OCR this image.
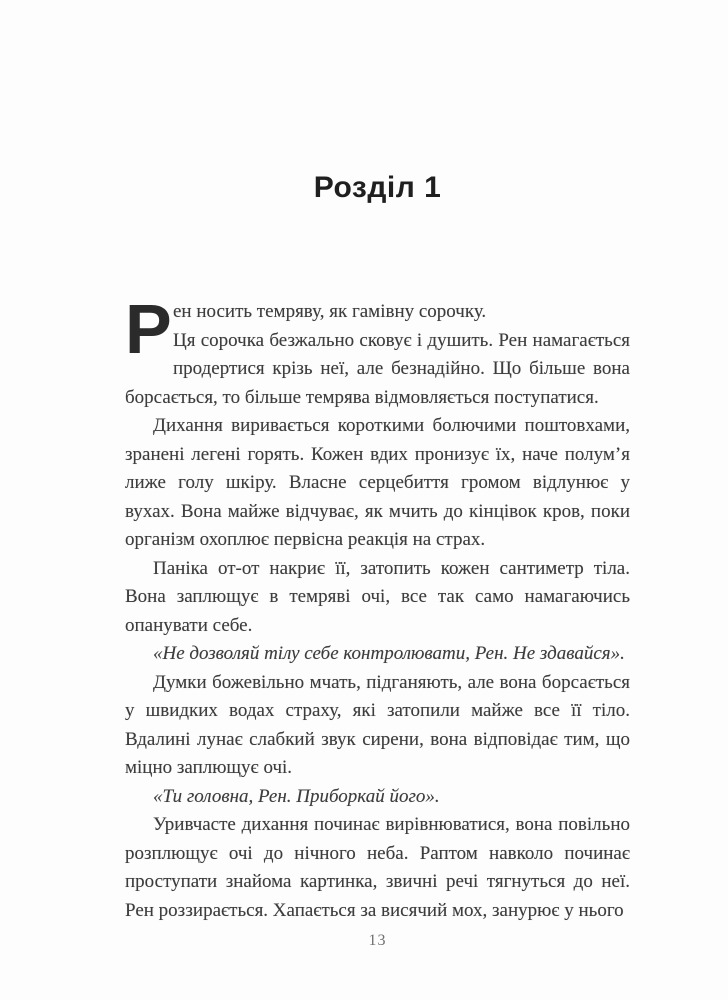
Розділ 1
Р ен носить темряву, як гамівну сорочку.

Ця сорочка безжально сковує і душить. Рен намагається продертися крізь неї, але безнадійно. Що більше вона борсається, то більше темрява відмовляється поступатися.

Дихання виривається короткими болючими поштовхами, зранені легені горять. Кожен вдих пронизує їх, наче полум’я лиже голу шкіру. Власне серцебиття громом відлунює у вухах. Вона майже відчуває, як мчить до кінцівок кров, поки організм охоплює первісна реакція на страх.

Паніка от-от накриє її, затопить кожен сантиметр тіла. Вона заплющує в темряві очі, все так само намагаючись опанувати себе.

«Не дозволяй тілу себе контролювати, Рен. Не здавайся».

Думки божевільно мчать, підганяють, але вона борсається у швидких водах страху, які затопили майже все її тіло. Вдалині лунає слабкий звук сирени, вона відповідає тим, що міцно заплющує очі.

«Ти головна, Рен. Приборкай його».

Уривчасте дихання починає вирівнюватися, вона повільно розплющує очі до нічного неба. Раптом навколо починає проступати знайома картинка, звичні речі тягнуться до неї. Рен роззирається. Хапається за висячий мох, занурює у нього

13
